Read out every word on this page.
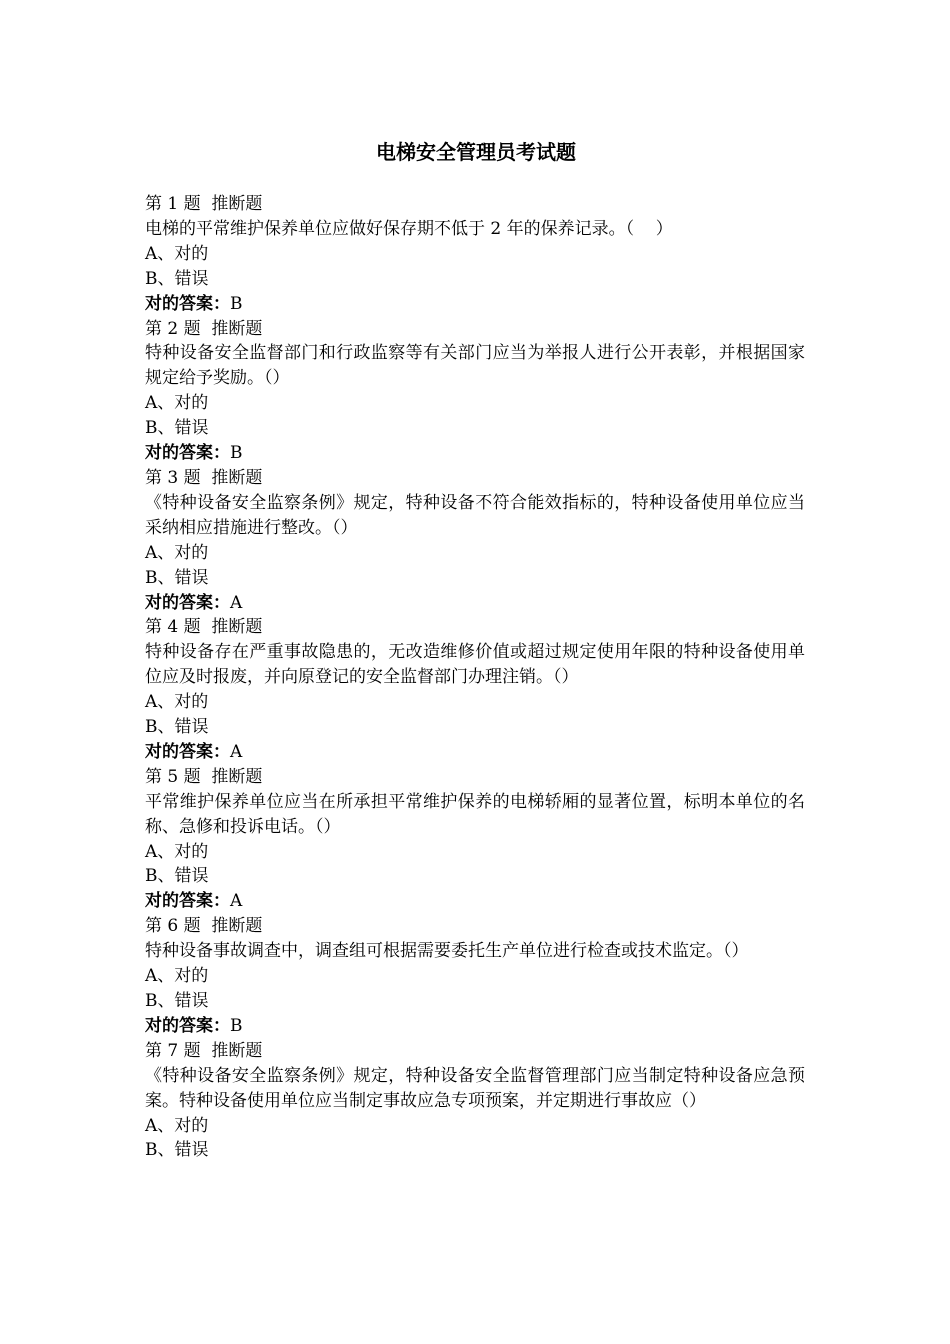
电梯安全管理员考试题
第 1 题  推断题
电梯的平常维护保养单位应做好保存期不低于 2 年的保养记录。（    ）
A、对的
B、错误
对的答案：B
第 2 题  推断题
特种设备安全监督部门和行政监察等有关部门应当为举报人进行公开表彰，并根据国家规定给予奖励。（）
A、对的
B、错误
对的答案：B
第 3 题  推断题
《特种设备安全监察条例》规定，特种设备不符合能效指标的，特种设备使用单位应当采纳相应措施进行整改。（）
A、对的
B、错误
对的答案：A
第 4 题  推断题
特种设备存在严重事故隐患的，无改造维修价值或超过规定使用年限的特种设备使用单位应及时报废，并向原登记的安全监督部门办理注销。（）
A、对的
B、错误
对的答案：A
第 5 题  推断题
平常维护保养单位应当在所承担平常维护保养的电梯轿厢的显著位置，标明本单位的名称、急修和投诉电话。（）
A、对的
B、错误
对的答案：A
第 6 题  推断题
特种设备事故调查中，调查组可根据需要委托生产单位进行检查或技术监定。（）
A、对的
B、错误
对的答案：B
第 7 题  推断题
《特种设备安全监察条例》规定，特种设备安全监督管理部门应当制定特种设备应急预案。特种设备使用单位应当制定事故应急专项预案，并定期进行事故应（）
A、对的
B、错误
